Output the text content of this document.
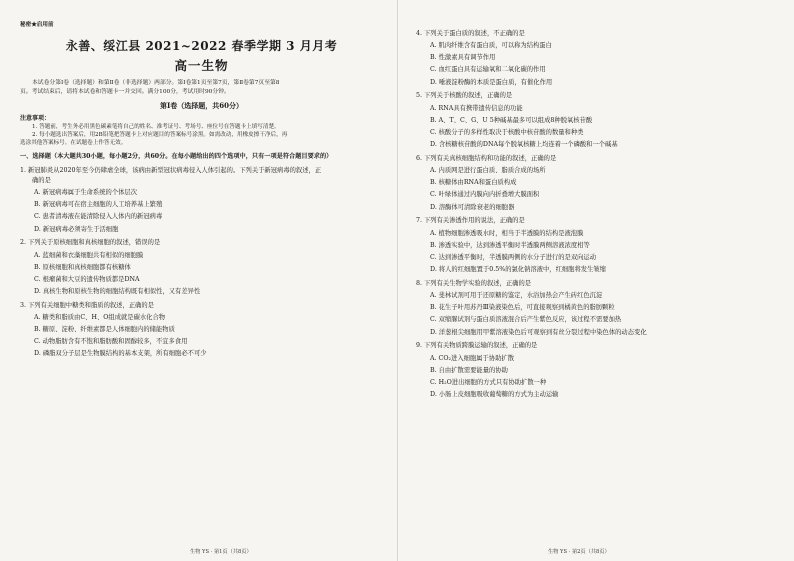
秘密★启用前
永善、绥江县 2021~2022 春季学期 3 月月考
高一生物
本试卷分第Ⅰ卷（选择题）和第Ⅱ卷（非选择题）两部分。第Ⅰ卷第1页至第7页，第Ⅱ卷第7页至第8
页。考试结束后，请将本试卷和答题卡一并交回。满分100分，考试用时90分钟。
第Ⅰ卷（选择题，共60分）
注意事项：
1. 答题前，考生务必用黑色碳素笔将自己的姓名、准考证号、考场号、座位号在答题卡上填写清楚。
2. 每小题选出答案后，用2B铅笔把答题卡上对应题目的答案标号涂黑。如需改动，用橡皮擦干净后，再
选涂其他答案标号。在试题卷上作答无效。
一、选择题（本大题共30小题，每小题2分，共60分。在每小题给出的四个选项中，只有一项是符合题目要求的）
1. 新冠肺炎从2020年至今仍肆虐全球，该病由新型冠状病毒侵入人体引起的。下列关于新冠病毒的叙述，正
确的是
A. 新冠病毒属于生命系统的个体层次
B. 新冠病毒可在宿主细胞的人工培养基上繁殖
C. 患者清毒液在能清除侵入人体内的新冠病毒
D. 新冠病毒必须寄生于活细胞
2. 下列关于原核细胞和真核细胞的叙述，错误的是
A. 蓝细菌和衣藻细胞共有相似的细胞膜
B. 原核细胞和真核细胞都有核糖体
C. 根瘤菌和大豆的遗传物质都是DNA
D. 真核生物和原核生物的细胞结构既有相似性，又有差异性
3. 下列有关细胞中糖类和脂质的叙述，正确的是
A. 糖类和脂质由C、H、O组成就是碳水化合物
B. 糖原、淀粉、纤维素都是人体细胞内的储能物质
C. 动物脂肪含有不饱和脂肪酸和固醇较多，不宜多食用
D. 磷脂双分子层是生物膜结构的基本支架，所有细胞必不可少
生物 YS · 第1页（共8页）
4. 下列关于蛋白质的叙述，不正确的是
A. 肌肉纤维含有蛋白质，可以称为结构蛋白
B. 性激素具有调节作用
C. 血红蛋白具有运输氧和二氧化碳的作用
D. 唾液淀粉酶的本质是蛋白质，有催化作用
5. 下列关于核酸的叙述，正确的是
A. RNA具有携带遗传信息的功能
B. A、T、C、G、U 5种碱基最多可以组成8种脱氧核苷酸
C. 核酸分子的多样性取决于核酸中核苷酸的数量和种类
D. 含核糖核苷酸的DNA每个脱氧核糖上均连着一个磷酸和一个碱基
6. 下列有关真核细胞结构和功能的叙述，正确的是
A. 内质网是进行蛋白质、脂质合成的场所
B. 核糖体由RNA和蛋白质构成
C. 叶绿体通过内膜向内折叠增大膜面积
D. 溶酶体可清除衰老的细胞器
7. 下列有关渗透作用的说法，正确的是
A. 植物细胞渗透吸水时，相当于半透膜的结构是液泡膜
B. 渗透实验中，达到渗透平衡时半透膜两侧溶液浓度相等
C. 达到渗透平衡时，半透膜两侧的水分子进行的是双向运动
D. 将人的红细胞置于0.5%的氯化钠溶液中，红细胞将发生皱缩
8. 下列有关生物学实验的叙述，正确的是
A. 斐林试剂可用于还原糖的鉴定，水浴加热会产生砖红色沉淀
B. 花生子叶用苏丹Ⅲ染液染色后，可直接观察到橘黄色的脂肪颗粒
C. 双缩脲试剂与蛋白质溶液混合后产生紫色反应，该过程不需要加热
D. 洋葱根尖细胞用甲紫溶液染色后可观察到有丝分裂过程中染色体的动态变化
9. 下列有关物质跨膜运输的叙述，正确的是
A. CO₂进入细胞属于协助扩散
B. 自由扩散需要能量的协助
C. H₂O进出细胞的方式只有协助扩散一种
D. 小肠上皮细胞吸收葡萄糖的方式为主动运输
生物 YS · 第2页（共8页）
